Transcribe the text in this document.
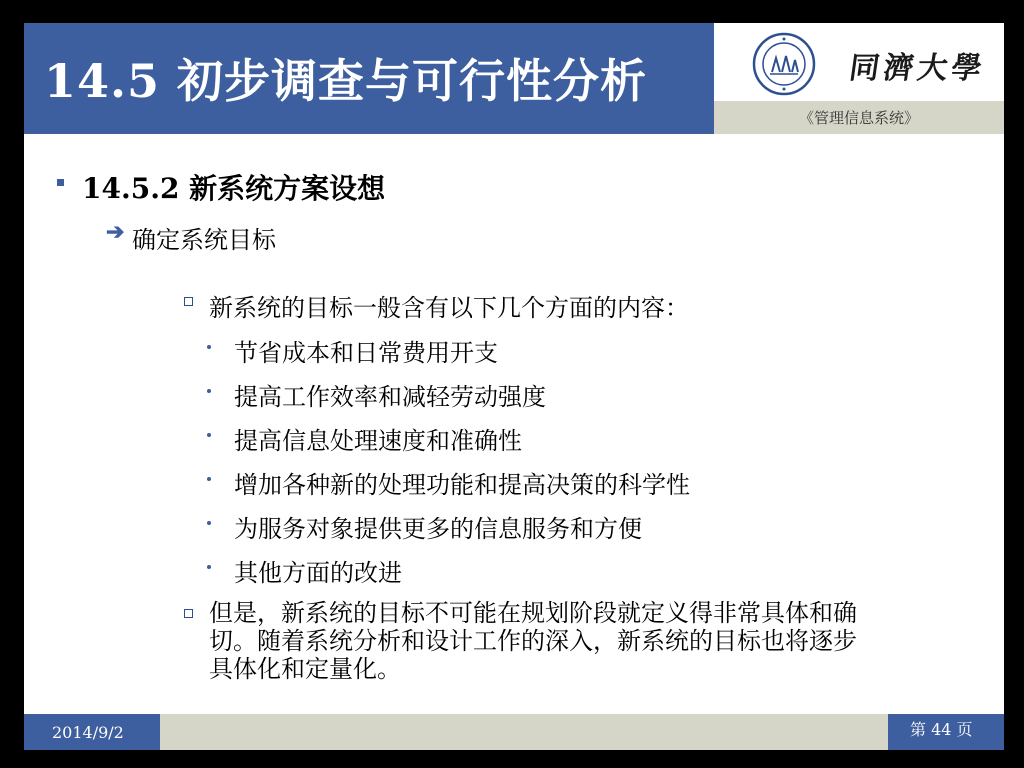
14.5 初步调查与可行性分析	同濟大學
《管理信息系统》
14.5.2 新系统方案设想
➔ 确定系统目标
新系统的目标一般含有以下几个方面的内容：
节省成本和日常费用开支
提高工作效率和减轻劳动强度
提高信息处理速度和准确性
增加各种新的处理功能和提高决策的科学性
为服务对象提供更多的信息服务和方便
其他方面的改进
但是，新系统的目标不可能在规划阶段就定义得非常具体和确
切。随着系统分析和设计工作的深入，新系统的目标也将逐步
具体化和定量化。
2014/9/2	第 44 页
